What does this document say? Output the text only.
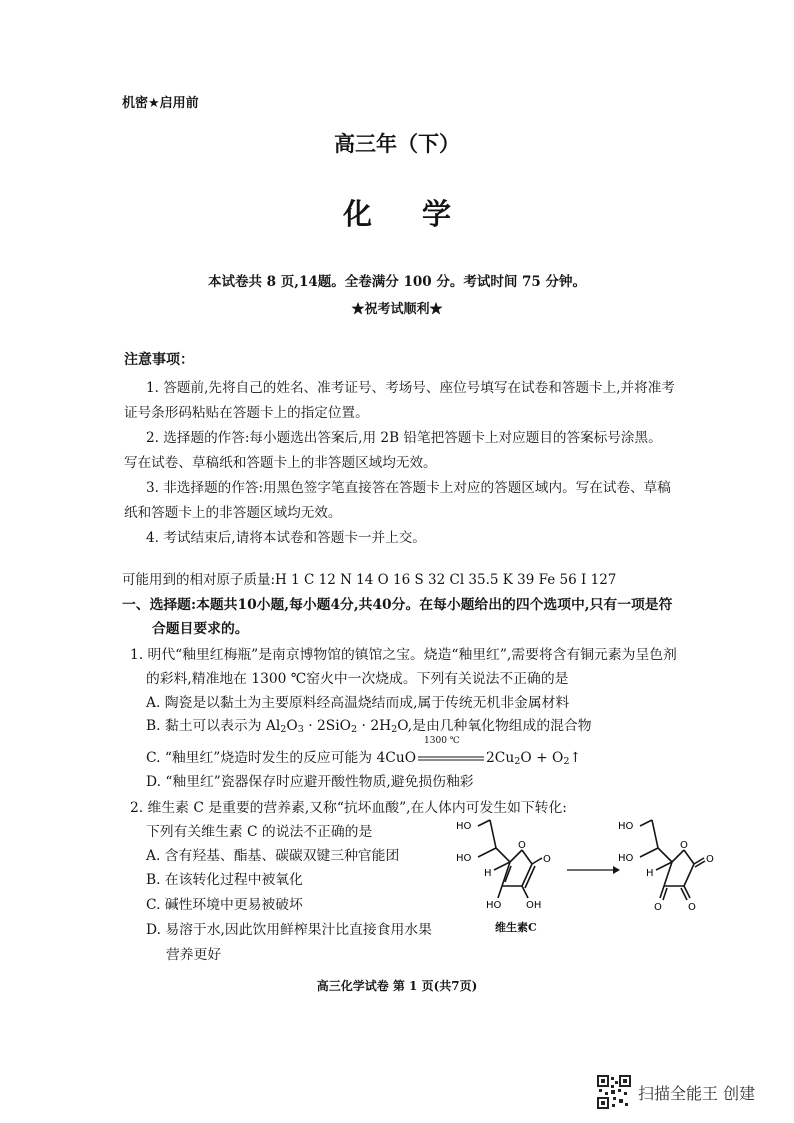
机密★启用前
高三年（下）
化 学
本试卷共 8 页,14题。全卷满分 100 分。考试时间 75 分钟。
★祝考试顺利★
注意事项：
1. 答题前,先将自己的姓名、准考证号、考场号、座位号填写在试卷和答题卡上,并将准考
证号条形码粘贴在答题卡上的指定位置。
2. 选择题的作答:每小题选出答案后,用 2B 铅笔把答题卡上对应题目的答案标号涂黑。
写在试卷、草稿纸和答题卡上的非答题区域均无效。
3. 非选择题的作答:用黑色签字笔直接答在答题卡上对应的答题区域内。写在试卷、草稿
纸和答题卡上的非答题区域均无效。
4. 考试结束后,请将本试卷和答题卡一并上交。
可能用到的相对原子质量:H 1 C 12 N 14 O 16 S 32 Cl 35.5 K 39 Fe 56 I 127
一、选择题:本题共10小题,每小题4分,共40分。在每小题给出的四个选项中,只有一项是符
合题目要求的。
1. 明代“釉里红梅瓶”是南京博物馆的镇馆之宝。烧造“釉里红”,需要将含有铜元素为呈色剂
的彩料,精准地在 1300 ℃窑火中一次烧成。下列有关说法不正确的是
A. 陶瓷是以黏土为主要原料经高温烧结而成,属于传统无机非金属材料
B. 黏土可以表示为 $Al_2O_3 \cdot 2SiO_2 \cdot 2H_2O$,是由几种氧化物组成的混合物
C. “釉里红”烧造时发生的反应可能为 4CuO
1300 ℃
$2Cu_2O$ + $O_2↑$
D. “釉里红”瓷器保存时应避开酸性物质,避免损伤釉彩
2. 维生素 C 是重要的营养素,又称“抗坏血酸”,在人体内可发生如下转化:
下列有关维生素 C 的说法不正确的是
A. 含有羟基、酯基、碳碳双键三种官能团
B. 在该转化过程中被氧化
C. 碱性环境中更易被破坏
D. 易溶于水,因此饮用鲜榨果汁比直接食用水果
营养更好
HO
HO
H
O
O
HO OH
维生素C
HO
HO
H
O
O
O	O
高三化学试卷 第 1 页(共7页)
扫描全能王 创建
